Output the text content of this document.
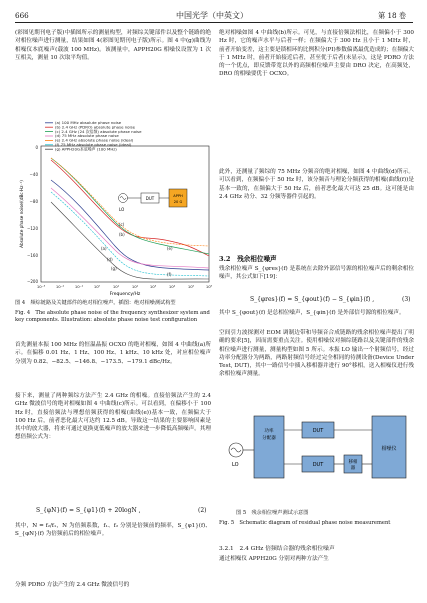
666	中国光学（中英文）	第 18 卷
(彩图见期刊电子版)中插图所示的测量构型，对频综关键部件以及整个链路的绝对相位噪声进行测量，结果如图 4(彩图见期刊电子版)所示。图 4 中(g)曲线为相噪仪本底噪声(载波 100 MHz)。该测量中，APPH20G 相噪仪设置为 1 次互相关，测量 10 次取平均值。
0
−40
−80
−120
−160
−200
10⁻³	10⁻²	10⁻¹	10⁰	10¹	10²	10³	10⁴	10⁵	10⁶
Frequency/Hz
Absolute phase noise/(dBc·Hz⁻¹)
(a) 100 MHz absolute phase noise
(b) 2.4 GHz (PDRO) absolute phase noise
(c) 2.4 GHz (24 次倍频) absolute phase noise
(d) 75 MHz absolute phase noise
(e) 2.4 GHz absolute phase noise (ideal)
(f) 75 MHz absolute phase noise (ideal)
(g) APPH20G本底噪声 (100 MHz)
(b)
(c)
(a)
(d)
(g)
(e)
(f)
LO
DUT	APPH
20 G
图 4　频综链路及关键部件的绝对相位噪声。插图：绝对相噪测试构型
Fig. 4　The absolute phase noise of the frequency synthesizer system and key components. Illustration: absolute phase noise test configuration
首先测量本振 100 MHz 的恒温晶振 OCXO 的绝对相噪，如图 4 中曲线(a)所示。在偏移 0.01 Hz、1 Hz、100 Hz、1 kHz、10 kHz 处，对应相位噪声分别为 0.82、−82.5、−146.8、−173.5、−179.1 dBc/Hz。
接下来，测量了两种频综方法产生 2.4 GHz 的相噪。直接倍频法产生的 2.4 GHz 微波信号的绝对相噪如图 4 中曲线(c)所示。可以看到，在偏移小于 100 Hz 时，直接倍频法与理想倍频获得的相噪(曲线(e))基本一致，在频偏大于 100 Hz 后，前者恶化最大可达约 12.5 dB。导致这一结果的主要影响因素是其中的放大器，将来可通过更换更低噪声的放大器来进一步降低高频噪声。其理想倍频公式为：
S_{φN}(f) = S_{φ1}(f) + 20logN ,	(2)
其中，N = f₂/f₁，N 为倍频系数，f₁、f₂ 分别是倍频前的频率，S_{φ1}(f)、S_{φN}(f) 为倍频前后的相位噪声。
分频 PDRO 方法产生的 2.4 GHz 微波信号的
绝对相噪如图 4 中曲线(b)所示。可见，与直接倍频法相比，在频偏小于 300 Hz 时，它的噪声水平与后者一样；在频偏大于 300 Hz 且小于 1 MHz 时，前者开始变差，这主要是锁相环的比例积分(PI)参数偏离最优造成的；在频偏大于 1 MHz 时，前者开始接近后者，甚至优于后者(未显示)，这是 PDRO 方法的一个优点，即反馈带宽以外的高频相位噪声主要由 DRO 决定，在高频处，DRO 的相噪要优于 OCXO。
此外，还测量了频综的 75 MHz 分频音的绝对相噪，如图 4 中曲线(d)所示。可以看到，在频偏小于 50 Hz 时，该分频音与理论分频获得的相噪(曲线(f))是基本一致的，在频偏大于 50 Hz 后，前者恶化最大可达 25 dB。这可能是由 2.4 GHz 功分、32 分频等器件引起的。
3.2　残余相位噪声
残余相位噪声 S_{φres}(f) 是系统在去除外部信号源的相位噪声后的剩余相位噪声，其公式如下[19]：
S_{φres}(f) = S_{φout}(f) − S_{φin}(f) ,	(3)
其中 S_{φout}(f) 是总相位噪声，S_{φin}(f) 是外部信号源的相位噪声。
空间引力波探测对 EOM 调制边带和导频音合成链路的残余相位噪声提出了明确的要求[5]，因而需要重点关注。使用相噪仪对频综链路以及关键部件的残余相位噪声进行测量，测量构型如图 5 所示。本振 LO 输出一个射频信号，经过功率分配器分为两路，两路射频信号经过完全相同的待测设备(Device Under Test, DUT)，其中一路信号中插入移相器并进行 90°移相，送入相噪仪进行残余相位噪声测量。
LO
功率
分配器
DUT
DUT	移相
器
相噪仪
图 5　残余相位噪声测试示意图
Fig. 5　Schematic diagram of residual phase noise measurement
3.2.1　2.4 GHz 倍频结合器的残余相位噪声
通过相噪仪 APPH20G 分别对两种方法产生
